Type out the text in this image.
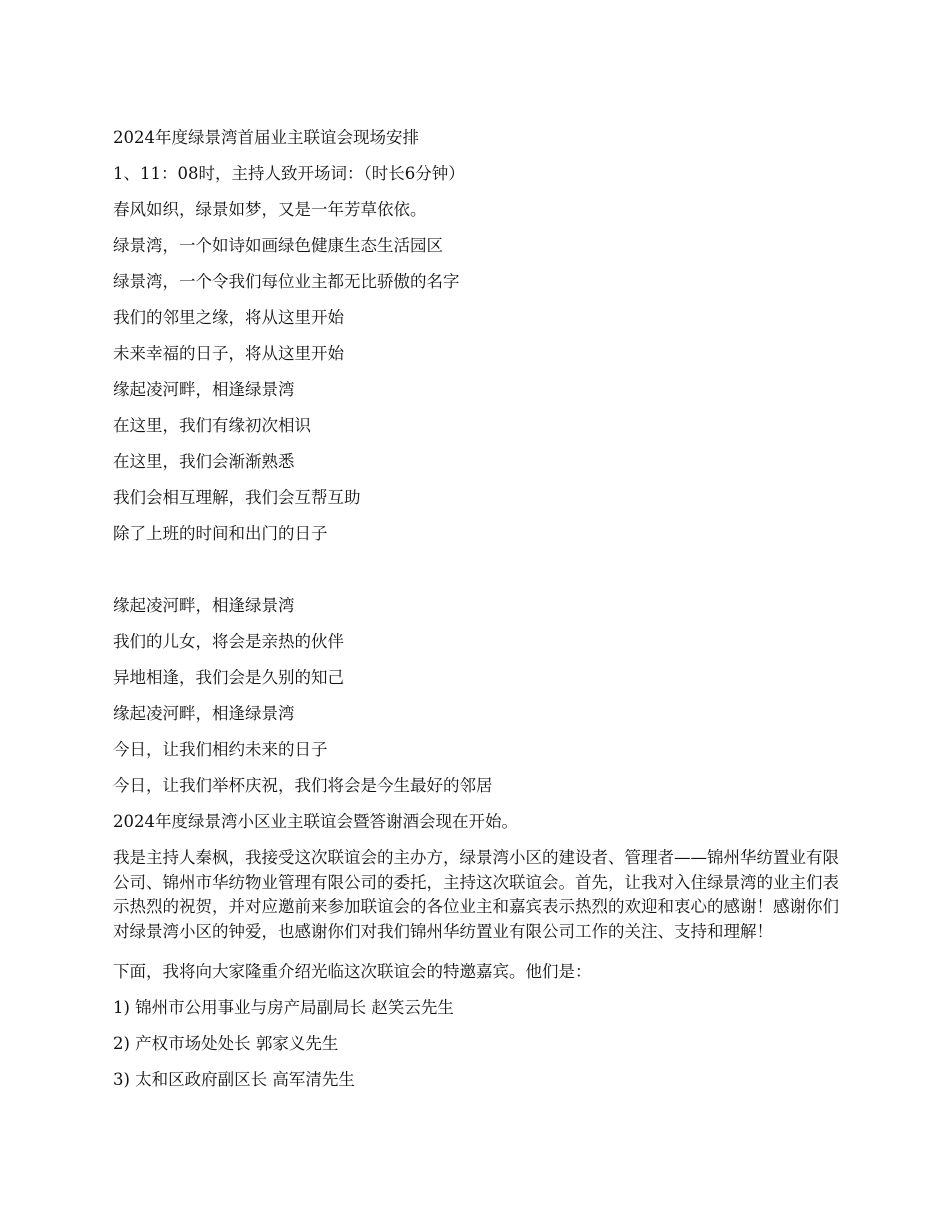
2024年度绿景湾首届业主联谊会现场安排
1、11：08时，主持人致开场词：（时长6分钟）
春风如织，绿景如梦，又是一年芳草依依。
绿景湾，一个如诗如画绿色健康生态生活园区
绿景湾，一个令我们每位业主都无比骄傲的名字
我们的邻里之缘，将从这里开始
未来幸福的日子，将从这里开始
缘起凌河畔，相逢绿景湾
在这里，我们有缘初次相识
在这里，我们会渐渐熟悉
我们会相互理解，我们会互帮互助
除了上班的时间和出门的日子
缘起凌河畔，相逢绿景湾
我们的儿女，将会是亲热的伙伴
异地相逢，我们会是久别的知己
缘起凌河畔，相逢绿景湾
今日，让我们相约未来的日子
今日，让我们举杯庆祝，我们将会是今生最好的邻居
2024年度绿景湾小区业主联谊会暨答谢酒会现在开始。
我是主持人秦枫，我接受这次联谊会的主办方，绿景湾小区的建设者、管理者——锦州华纺置业有限公司、锦州市华纺物业管理有限公司的委托，主持这次联谊会。首先，让我对入住绿景湾的业主们表示热烈的祝贺，并对应邀前来参加联谊会的各位业主和嘉宾表示热烈的欢迎和衷心的感谢！感谢你们对绿景湾小区的钟爱，也感谢你们对我们锦州华纺置业有限公司工作的关注、支持和理解！
下面，我将向大家隆重介绍光临这次联谊会的特邀嘉宾。他们是：
1) 锦州市公用事业与房产局副局长 赵笑云先生
2) 产权市场处处长 郭家义先生
3) 太和区政府副区长 高军清先生
